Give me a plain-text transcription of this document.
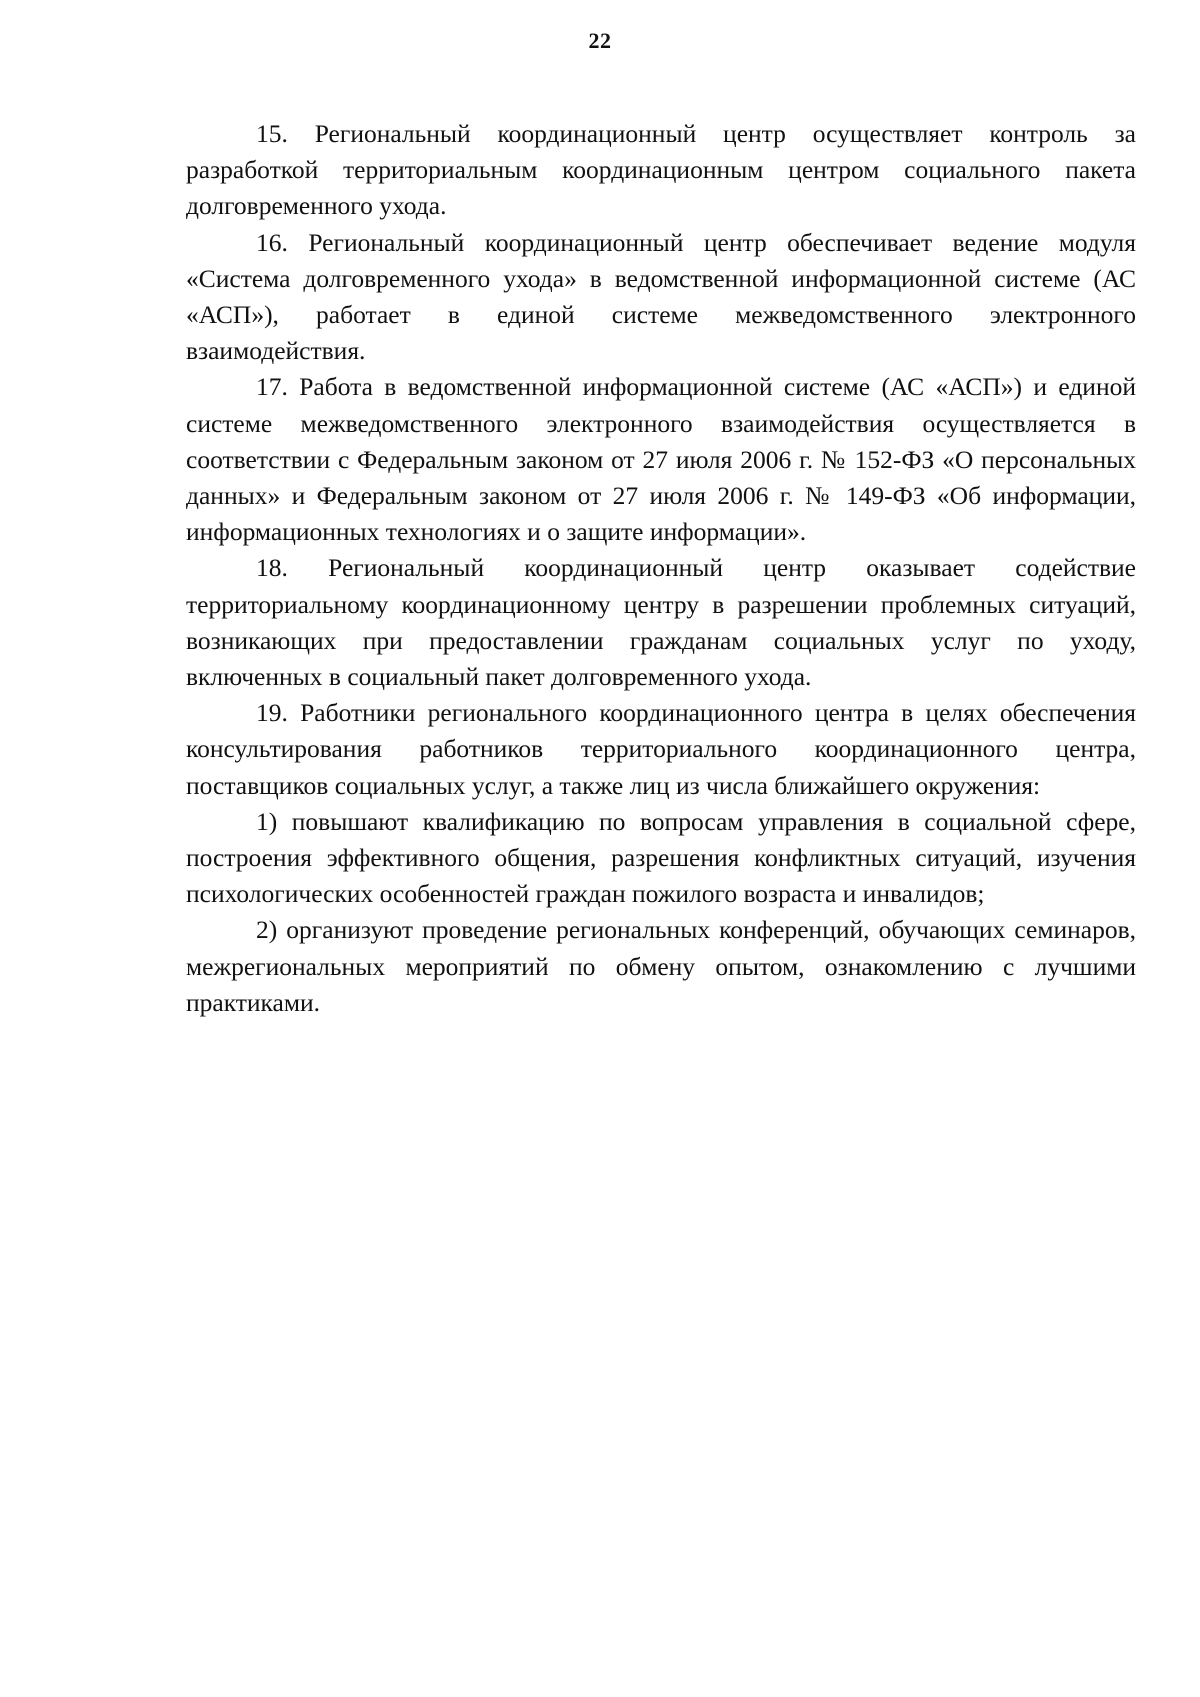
22

15. Региональный координационный центр осуществляет контроль за разработкой территориальным координационным центром социального пакета долговременного ухода.

16. Региональный координационный центр обеспечивает ведение модуля «Система долговременного ухода» в ведомственной информационной системе (АС «АСП»), работает в единой системе межведомственного электронного взаимодействия.

17. Работа в ведомственной информационной системе (АС «АСП») и единой системе межведомственного электронного взаимодействия осуществляется в соответствии с Федеральным законом от 27 июля 2006 г. № 152-ФЗ «О персональных данных» и Федеральным законом от 27 июля 2006 г. № 149-ФЗ «Об информации, информационных технологиях и о защите информации».

18. Региональный координационный центр оказывает содействие территориальному координационному центру в разрешении проблемных ситуаций, возникающих при предоставлении гражданам социальных услуг по уходу, включенных в социальный пакет долговременного ухода.

19. Работники регионального координационного центра в целях обеспечения консультирования работников территориального координационного центра, поставщиков социальных услуг, а также лиц из числа ближайшего окружения:

1) повышают квалификацию по вопросам управления в социальной сфере, построения эффективного общения, разрешения конфликтных ситуаций, изучения психологических особенностей граждан пожилого возраста и инвалидов;

2) организуют проведение региональных конференций, обучающих семинаров, межрегиональных мероприятий по обмену опытом, ознакомлению с лучшими практиками.
